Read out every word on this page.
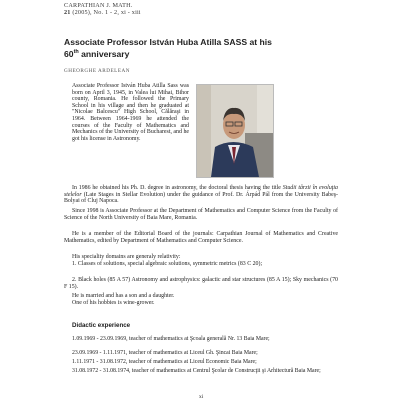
CARPATHIAN J. MATH.
21 (2005), No. 1 - 2, xi - xiii
Associate Professor István Huba Atilla SASS at his
60th anniversary
GHEORGHE ARDELEAN
Associate Professor István Huba Atilla Sass was born on April 3, 1945, in Valea lui Mihai, Bihor county, Romania. He followed the Primary School in his village and then he graduated at "Nicolae Balcescu" High School, Călăraşi in 1964. Between 1964-1969 he attended the courses of the Faculty of Mathematics and Mechanics of the University of Bucharest, and he got his license in Astronomy.
In 1986 he obtained his Ph. D. degree in astronomy, the doctoral thesis having the title Studii târzii în evoluţia stelelor (Late Stages in Stellar Evolution) under the guidance of Prof. Dr. Árpád Pál from the University Babeş-Bolyai of Cluj Napoca.
Since 1998 is Associate Professor at the Department of Mathematics and Computer Science from the Faculty of Science of the North University of Baia Mare, Romania.
He is a member of the Editorial Board of the journals: Carpathian Journal of Mathematics and Creative Mathematics, edited by Department of Mathematics and Computer Science.
His speciality domains are generaly relativity:
1. Classes of solutions, special algebraic solutions, symmetric metrics (83 C 20);
2. Black holes (85 A 57) Astronomy and astrophysics: galactic and star structures (85 A 15); Sky mechanics (70 F 15).
He is married and has a son and a daughter.
One of his hobbies is wine-grower.
Didactic experience
1.09.1969 - 23.09.1969, teacher of mathematics at Şcoala generală Nr. 13 Baia Mare;
23.09.1969 - 1.11.1971, teacher of mathematics at Liceul Gh. Şincai Baia Mare;
1.11.1971 - 31.08.1972, teacher of mathematics at Liceul Economic Baia Mare;
31.08.1972 - 31.08.1974, teacher of mathematics at Centrul Şcolar de Construcţii şi Arhitectură Baia Mare;
xi
